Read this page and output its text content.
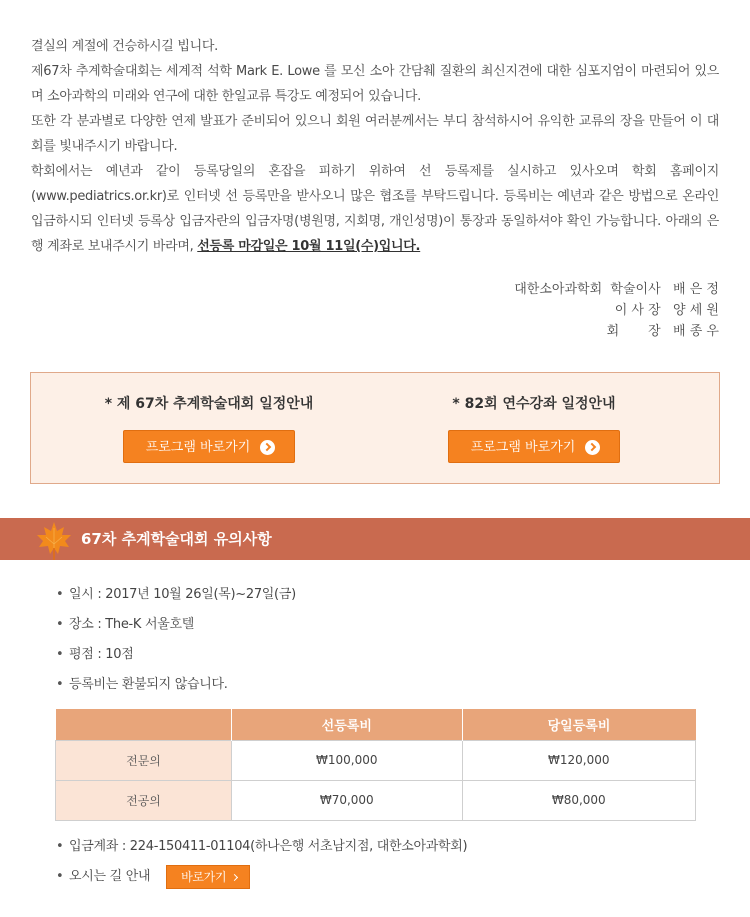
결실의 계절에 건승하시길 빕니다.

제67차 추계학술대회는 세계적 석학 Mark E. Lowe 를 모신 소아 간담췌 질환의 최신지견에 대한 심포지엄이 마련되어 있으며 소아과학의 미래와 연구에 대한 한일교류 특강도 예정되어 있습니다.

또한 각 분과별로 다양한 연제 발표가 준비되어 있으니 회원 여러분께서는 부디 참석하시어 유익한 교류의 장을 만들어 이 대회를 빛내주시기 바랍니다.

학회에서는 예년과 같이 등록당일의 혼잡을 피하기 위하여 선 등록제를 실시하고 있사오며 학회 홈페이지(www.pediatrics.or.kr)로 인터넷 선 등록만을 받사오니 많은 협조를 부탁드립니다. 등록비는 예년과 같은 방법으로 온라인 입금하시되 인터넷 등록상 입금자란의 입금자명(병원명, 지회명, 개인성명)이 통장과 동일하셔야 확인 가능합니다. 아래의 은행 계좌로 보내주시기 바라며, 선등록 마감일은 10월 11일(수)입니다.

대한소아과학회  학술이사   배 은 정
이 사 장   양 세 원
회       장   배 종 우
* 제 67차 추계학술대회 일정안내
프로그램 바로가기
* 82회 연수강좌 일정안내
프로그램 바로가기
67차 추계학술대회 유의사항
• 일시 : 2017년 10월 26일(목)~27일(금)
• 장소 : The-K 서울호텔
• 평점 : 10점
• 등록비는 환불되지 않습니다.
	선등록비	당일등록비
전문의	₩100,000	₩120,000
전공의	₩70,000	₩80,000
• 입금계좌 : 224-150411-01104(하나은행 서초남지점, 대한소아과학회)
• 오시는 길 안내	바로가기
